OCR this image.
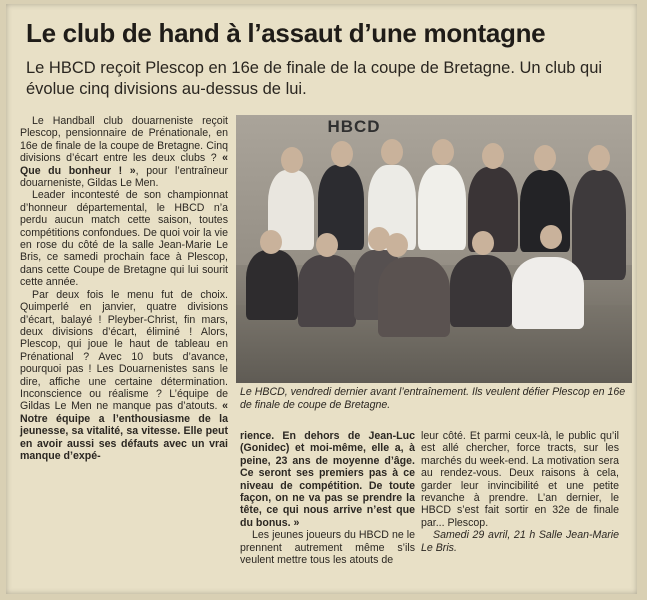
Le club de hand à l’assaut d’une montagne
Le HBCD reçoit Plescop en 16e de finale de la coupe de Bretagne. Un club qui évolue cinq divisions au-dessus de lui.

Le Handball club douarneniste reçoit Plescop, pensionnaire de Prénationale, en 16e de finale de la coupe de Bretagne. Cinq divisions d’écart entre les deux clubs ? « Que du bonheur ! », pour l’entraîneur douarneniste, Gildas Le Men.

Leader incontesté de son championnat d’honneur départemental, le HBCD n’a perdu aucun match cette saison, toutes compétitions confondues. De quoi voir la vie en rose du côté de la salle Jean-Marie Le Bris, ce samedi prochain face à Plescop, dans cette Coupe de Bretagne qui lui sourit cette année.

Par deux fois le menu fut de choix. Quimperlé en janvier, quatre divisions d’écart, balayé ! Pleyber-Christ, fin mars, deux divisions d’écart, éliminé ! Alors, Plescop, qui joue le haut de tableau en Prénational ? Avec 10 buts d’avance, pourquoi pas ! Les Douarnenistes sans le dire, affiche une certaine détermination. Inconscience ou réalisme ? L’équipe de Gildas Le Men ne manque pas d’atouts. « Notre équipe a l’enthousiasme de la jeunesse, sa vitalité, sa vitesse. Elle peut en avoir aussi ses défauts avec un vrai manque d’expé-

HBCD
Le HBCD, vendredi dernier avant l’entraînement. Ils veulent défier Plescop en 16e de finale de coupe de Bretagne.

rience. En dehors de Jean-Luc (Gonidec) et moi-même, elle a, à peine, 23 ans de moyenne d’âge. Ce seront ses premiers pas à ce niveau de compétition. De toute façon, on ne va pas se prendre la tête, ce qui nous arrive n’est que du bonus. »

Les jeunes joueurs du HBCD ne le prennent autrement même s’ils veulent mettre tous les atouts de

leur côté. Et parmi ceux-là, le public qu’il est allé chercher, force tracts, sur les marchés du week-end. La motivation sera au rendez-vous. Deux raisons à cela, garder leur invincibilité et une petite revanche à prendre. L’an dernier, le HBCD s’est fait sortir en 32e de finale par... Plescop.

Samedi 29 avril, 21 h Salle Jean-Marie Le Bris.
